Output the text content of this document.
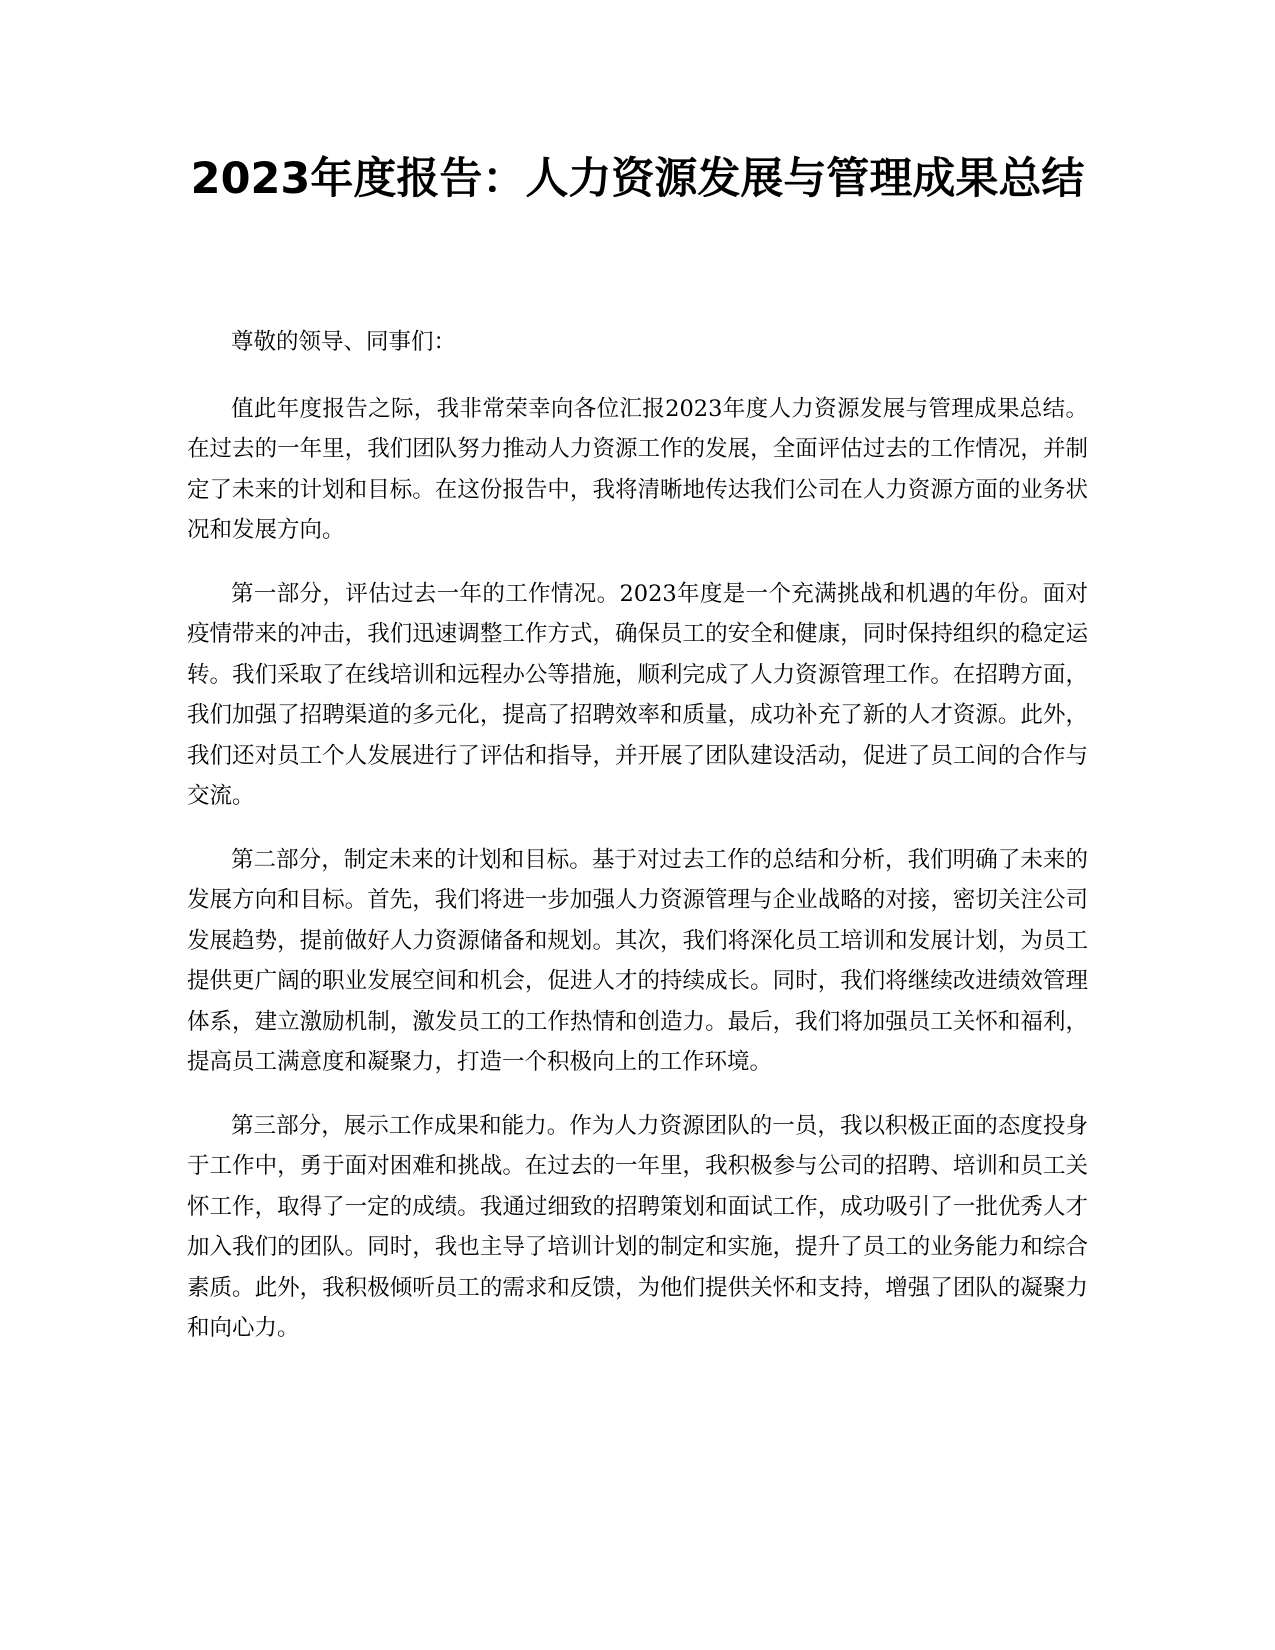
2023年度报告：人力资源发展与管理成果总结

尊敬的领导、同事们：

值此年度报告之际，我非常荣幸向各位汇报2023年度人力资源发展与管理成果总结。在过去的一年里，我们团队努力推动人力资源工作的发展，全面评估过去的工作情况，并制定了未来的计划和目标。在这份报告中，我将清晰地传达我们公司在人力资源方面的业务状况和发展方向。

第一部分，评估过去一年的工作情况。2023年度是一个充满挑战和机遇的年份。面对疫情带来的冲击，我们迅速调整工作方式，确保员工的安全和健康，同时保持组织的稳定运转。我们采取了在线培训和远程办公等措施，顺利完成了人力资源管理工作。在招聘方面，我们加强了招聘渠道的多元化，提高了招聘效率和质量，成功补充了新的人才资源。此外，我们还对员工个人发展进行了评估和指导，并开展了团队建设活动，促进了员工间的合作与交流。

第二部分，制定未来的计划和目标。基于对过去工作的总结和分析，我们明确了未来的发展方向和目标。首先，我们将进一步加强人力资源管理与企业战略的对接，密切关注公司发展趋势，提前做好人力资源储备和规划。其次，我们将深化员工培训和发展计划，为员工提供更广阔的职业发展空间和机会，促进人才的持续成长。同时，我们将继续改进绩效管理体系，建立激励机制，激发员工的工作热情和创造力。最后，我们将加强员工关怀和福利，提高员工满意度和凝聚力，打造一个积极向上的工作环境。

第三部分，展示工作成果和能力。作为人力资源团队的一员，我以积极正面的态度投身于工作中，勇于面对困难和挑战。在过去的一年里，我积极参与公司的招聘、培训和员工关怀工作，取得了一定的成绩。我通过细致的招聘策划和面试工作，成功吸引了一批优秀人才加入我们的团队。同时，我也主导了培训计划的制定和实施，提升了员工的业务能力和综合素质。此外，我积极倾听员工的需求和反馈，为他们提供关怀和支持，增强了团队的凝聚力和向心力。
